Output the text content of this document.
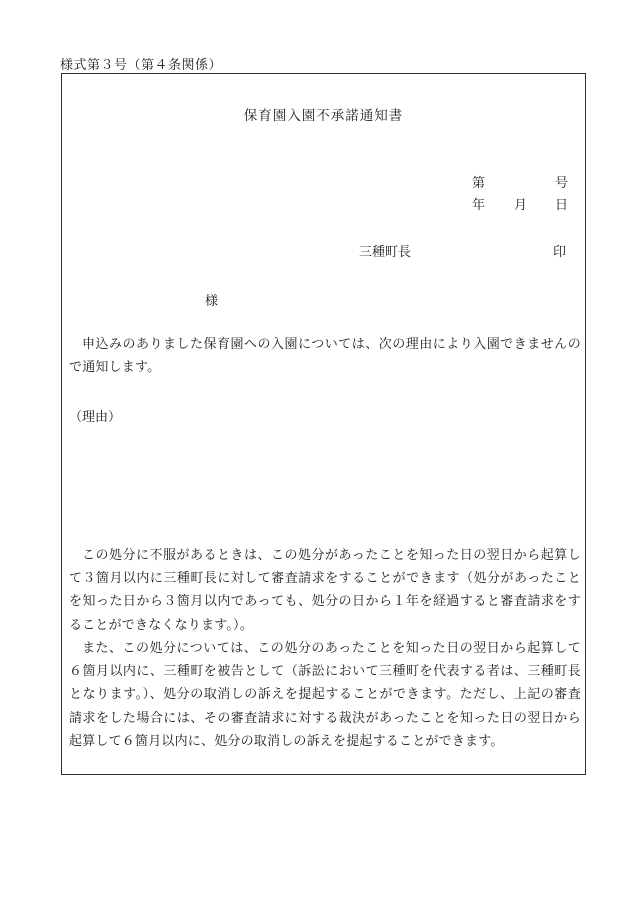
様式第３号（第４条関係）
保育園入園不承諾通知書
第	号
年 月 日
三種町長	印
様
申込みのありました保育園への入園については、次の理由により入園できませんので通知します。
（理由）
この処分に不服があるときは、この処分があったことを知った日の翌日から起算して３箇月以内に三種町長に対して審査請求をすることができます（処分があったことを知った日から３箇月以内であっても、処分の日から１年を経過すると審査請求をすることができなくなります。）。
また、この処分については、この処分のあったことを知った日の翌日から起算して６箇月以内に、三種町を被告として（訴訟において三種町を代表する者は、三種町長となります。）、処分の取消しの訴えを提起することができます。ただし、上記の審査請求をした場合には、その審査請求に対する裁決があったことを知った日の翌日から起算して６箇月以内に、処分の取消しの訴えを提起することができます。
